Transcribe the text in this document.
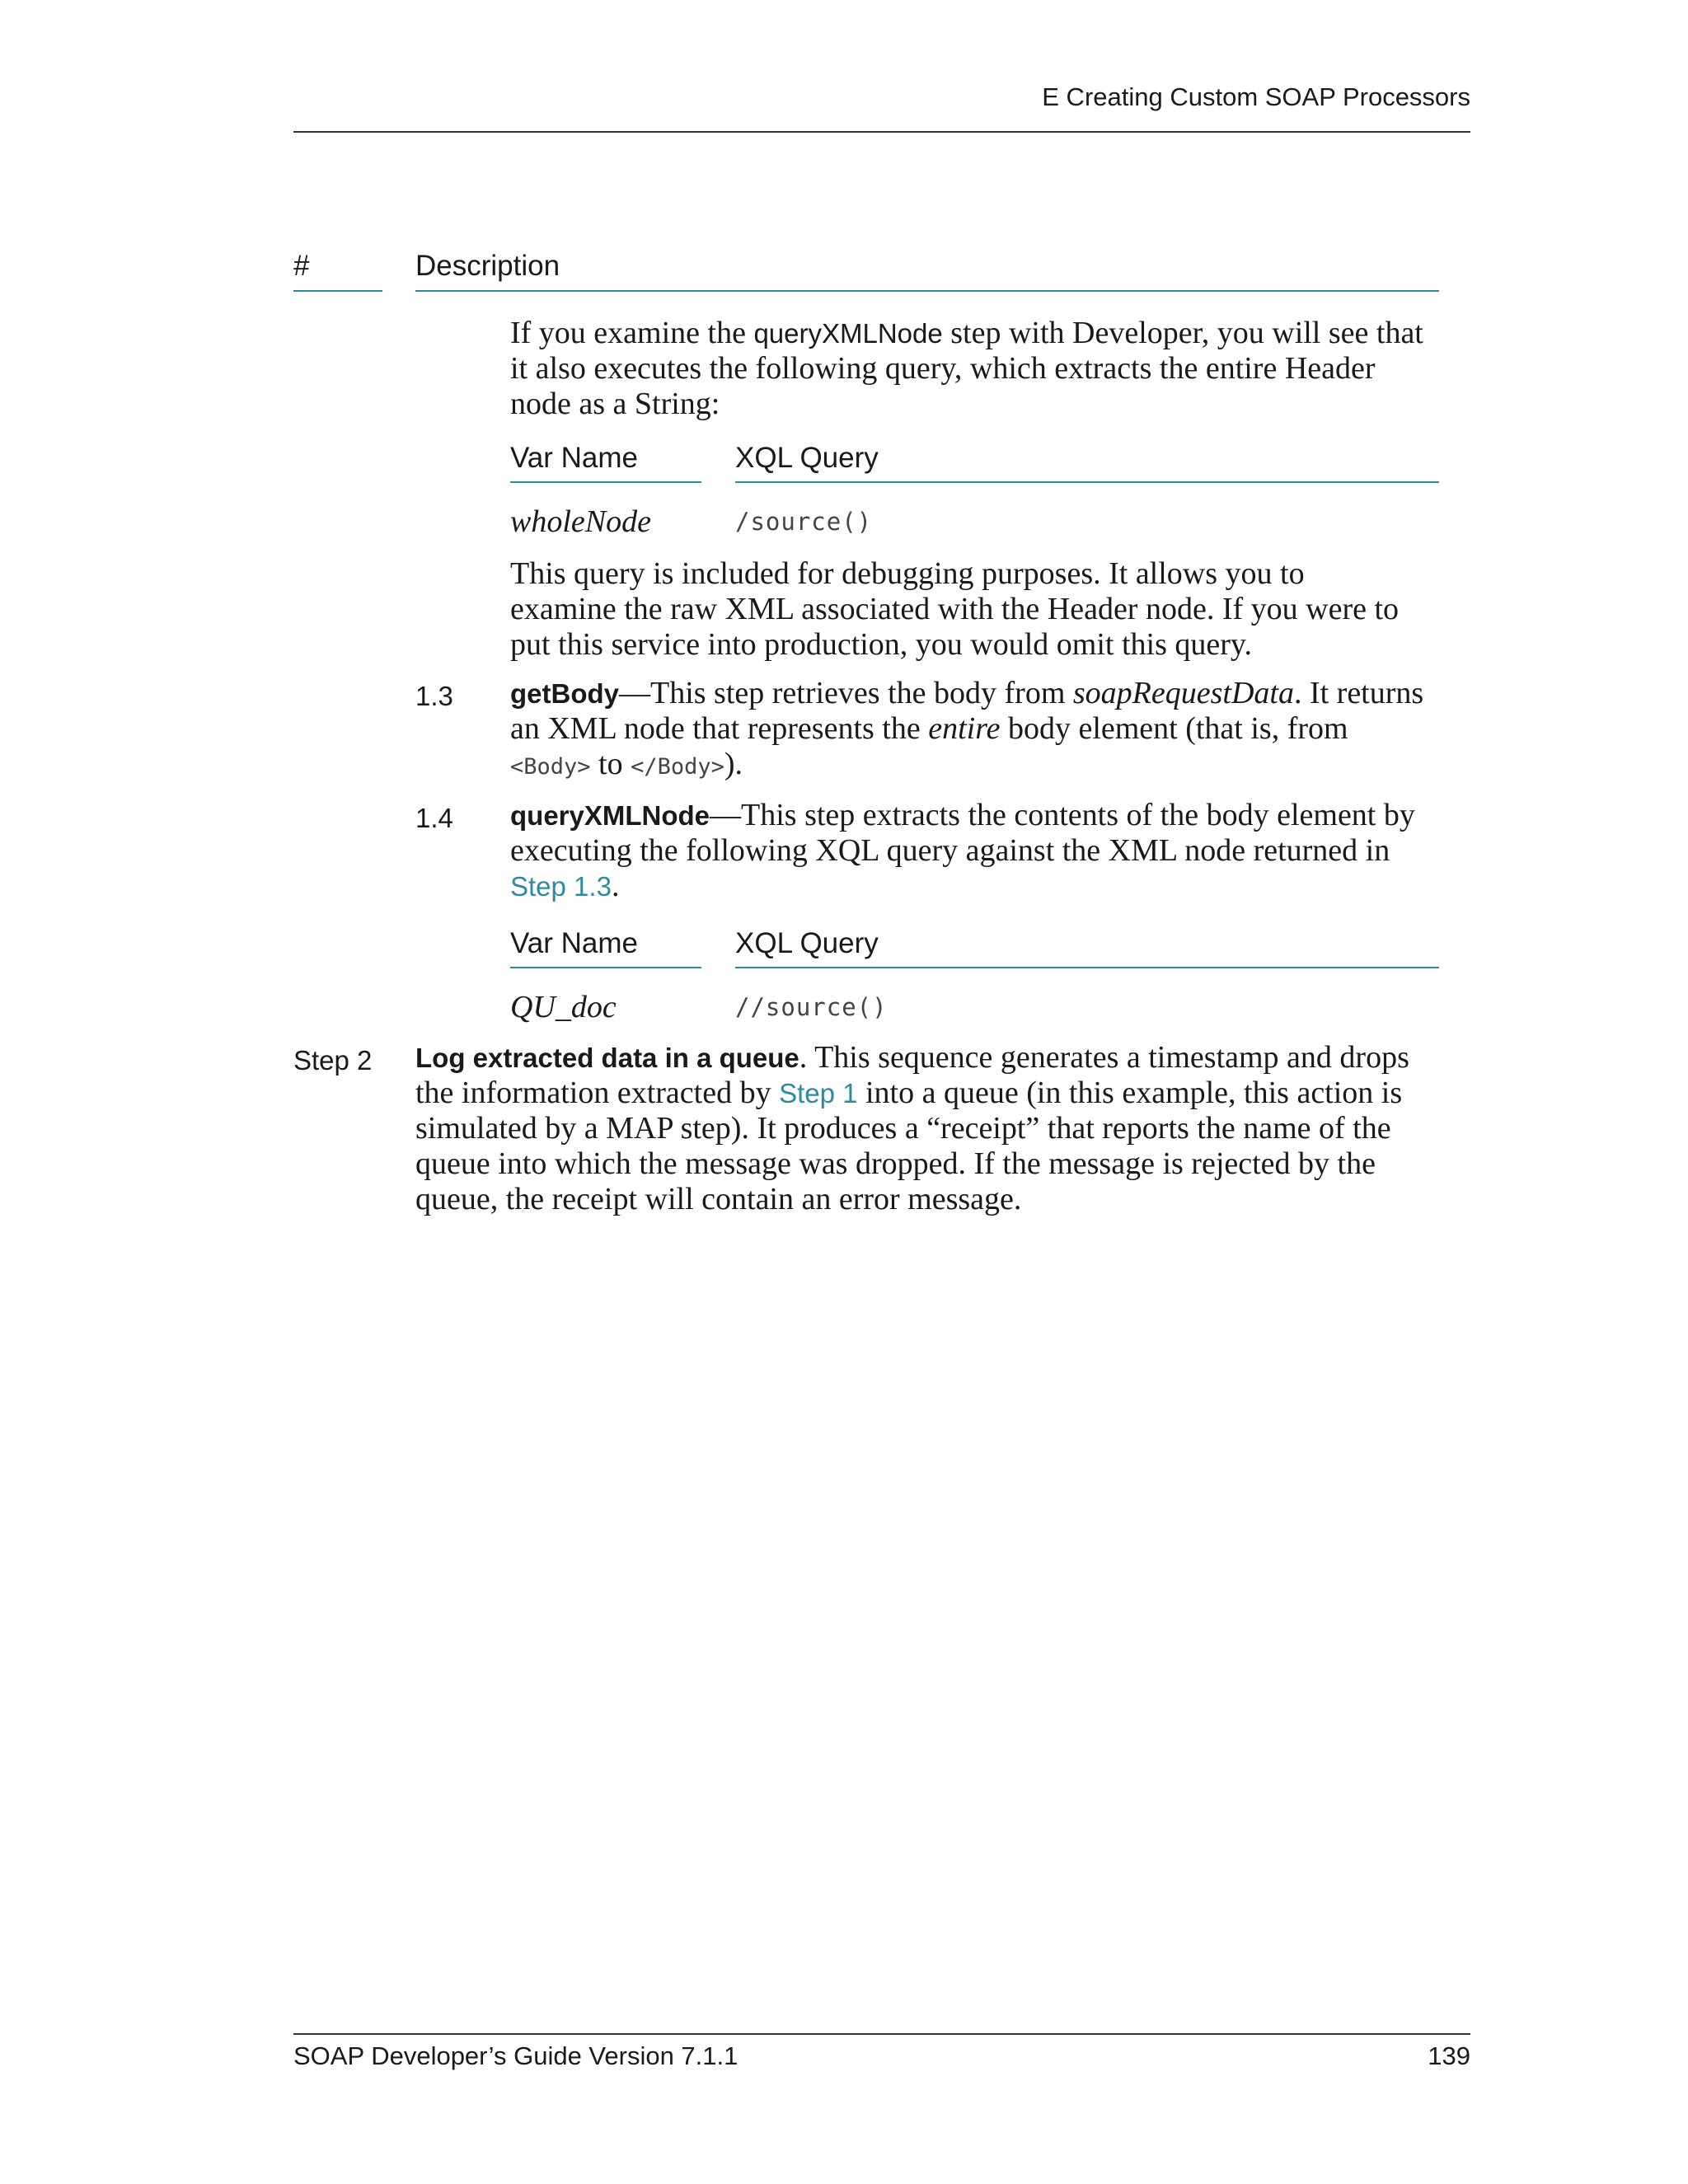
E Creating Custom SOAP Processors
#	Description
If you examine the queryXMLNode step with Developer, you will see that
it also executes the following query, which extracts the entire Header
node as a String:
Var Name	XQL Query
wholeNode	/source()
This query is included for debugging purposes. It allows you to
examine the raw XML associated with the Header node. If you were to
put this service into production, you would omit this query.
1.3 getBody—This step retrieves the body from soapRequestData. It returns
an XML node that represents the entire body element (that is, from
<Body> to </Body>).
1.4 queryXMLNode—This step extracts the contents of the body element by
executing the following XQL query against the XML node returned in
Step 1.3.
Var Name	XQL Query
QU_doc	//source()
Step 2 Log extracted data in a queue. This sequence generates a timestamp and drops
the information extracted by Step 1 into a queue (in this example, this action is
simulated by a MAP step). It produces a “receipt” that reports the name of the
queue into which the message was dropped. If the message is rejected by the
queue, the receipt will contain an error message.
SOAP Developer’s Guide Version 7.1.1	139
